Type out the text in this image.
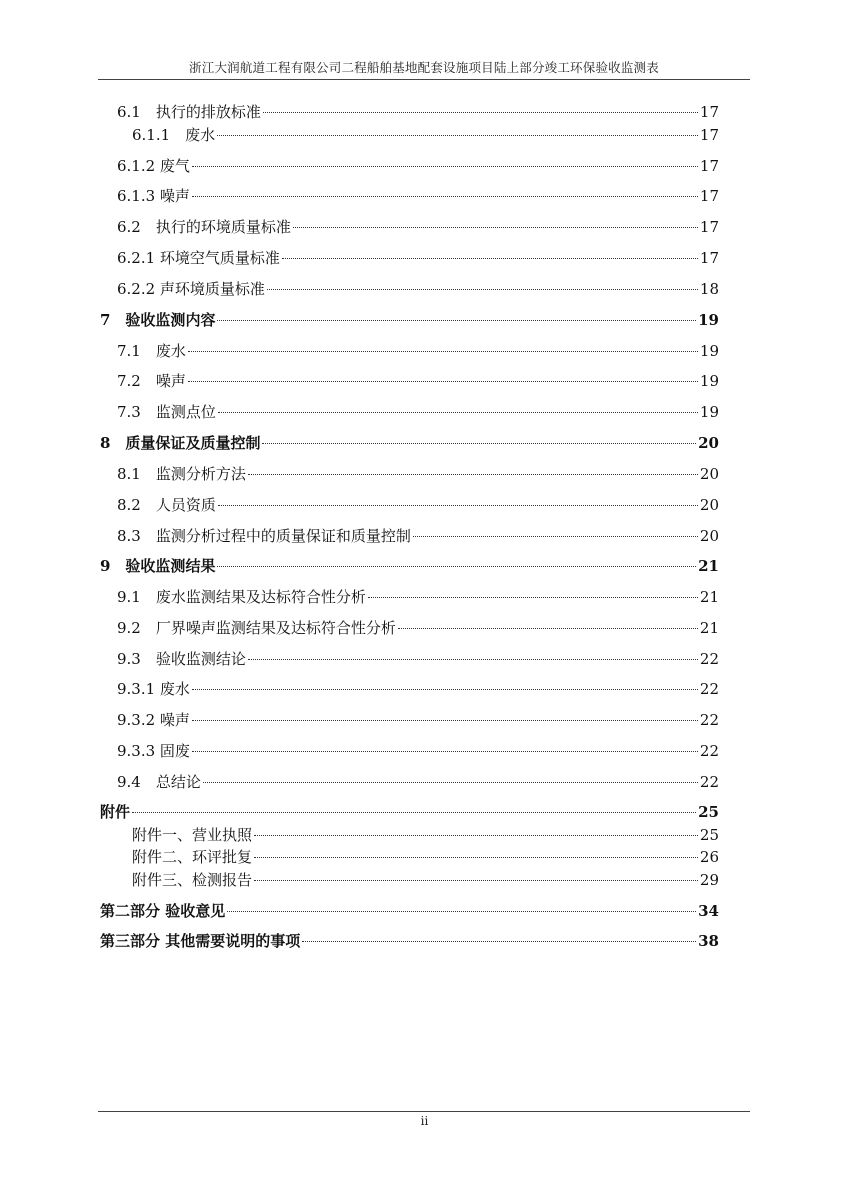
浙江大润航道工程有限公司二程船舶基地配套设施项目陆上部分竣工环保验收监测表
6.1　执行的排放标准	17
6.1.1　废水	17
6.1.2 废气	17
6.1.3 噪声	17
6.2　执行的环境质量标准	17
6.2.1 环境空气质量标准	17
6.2.2 声环境质量标准	18
7　验收监测内容	19
7.1　废水	19
7.2　噪声	19
7.3　监测点位	19
8　质量保证及质量控制	20
8.1　监测分析方法	20
8.2　人员资质	20
8.3　监测分析过程中的质量保证和质量控制	20
9　验收监测结果	21
9.1　废水监测结果及达标符合性分析	21
9.2　厂界噪声监测结果及达标符合性分析	21
9.3　验收监测结论	22
9.3.1 废水	22
9.3.2 噪声	22
9.3.3 固废	22
9.4　总结论	22
附件	25
附件一、营业执照	25
附件二、环评批复	26
附件三、检测报告	29
第二部分 验收意见	34
第三部分 其他需要说明的事项	38
ii
